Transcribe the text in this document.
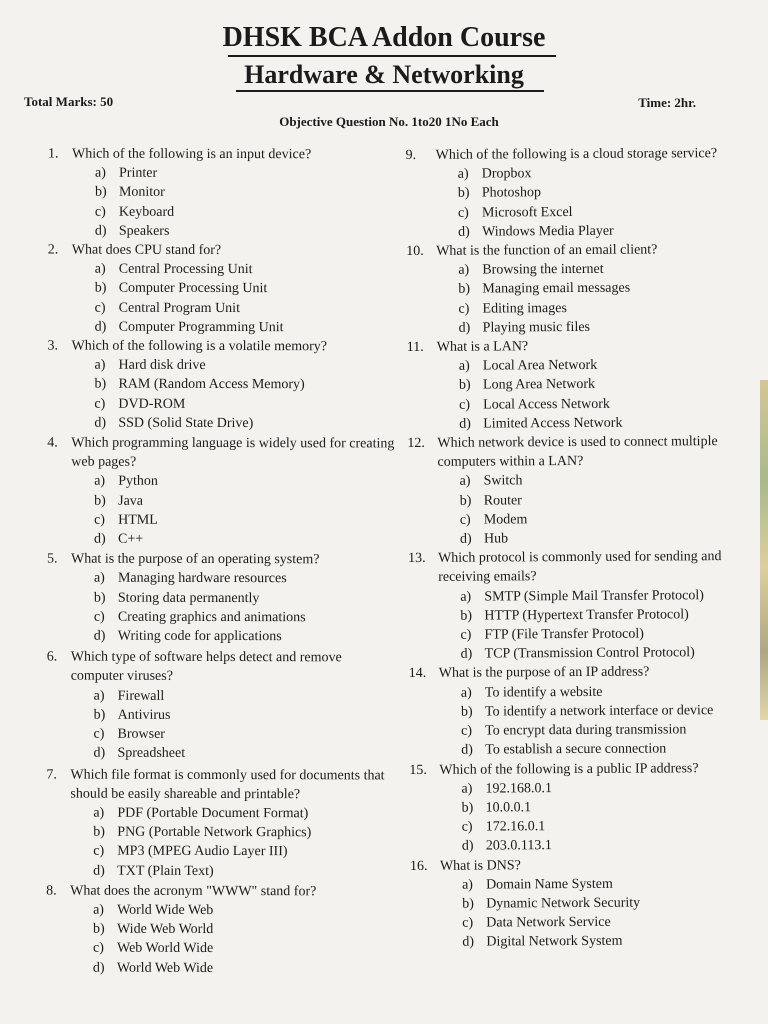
DHSK BCA Addon Course
Hardware & Networking
Total Marks: 50	Time: 2hr.
Objective Question No. 1to20 1No Each
1. Which of the following is an input device?
a) Printer
b) Monitor
c) Keyboard
d) Speakers
2. What does CPU stand for?
a) Central Processing Unit
b) Computer Processing Unit
c) Central Program Unit
d) Computer Programming Unit
3. Which of the following is a volatile memory?
a) Hard disk drive
b) RAM (Random Access Memory)
c) DVD-ROM
d) SSD (Solid State Drive)
4. Which programming language is widely used for creating web pages?
a) Python
b) Java
c) HTML
d) C++
5. What is the purpose of an operating system?
a) Managing hardware resources
b) Storing data permanently
c) Creating graphics and animations
d) Writing code for applications
6. Which type of software helps detect and remove computer viruses?
a) Firewall
b) Antivirus
c) Browser
d) Spreadsheet
7. Which file format is commonly used for documents that should be easily shareable and printable?
a) PDF (Portable Document Format)
b) PNG (Portable Network Graphics)
c) MP3 (MPEG Audio Layer III)
d) TXT (Plain Text)
8. What does the acronym "WWW" stand for?
a) World Wide Web
b) Wide Web World
c) Web World Wide
d) World Web Wide
9.	Which of the following is a cloud storage service?
a) Dropbox
b) Photoshop
c) Microsoft Excel
d) Windows Media Player
10. What is the function of an email client?
a) Browsing the internet
b) Managing email messages
c) Editing images
d) Playing music files
11. What is a LAN?
a) Local Area Network
b) Long Area Network
c) Local Access Network
d) Limited Access Network
12. Which network device is used to connect multiple computers within a LAN?
a) Switch
b) Router
c) Modem
d) Hub
13. Which protocol is commonly used for sending and receiving emails?
a) SMTP (Simple Mail Transfer Protocol)
b) HTTP (Hypertext Transfer Protocol)
c) FTP (File Transfer Protocol)
d) TCP (Transmission Control Protocol)
14. What is the purpose of an IP address?
a) To identify a website
b) To identify a network interface or device
c) To encrypt data during transmission
d) To establish a secure connection
15. Which of the following is a public IP address?
a) 192.168.0.1
b) 10.0.0.1
c) 172.16.0.1
d) 203.0.113.1
16. What is DNS?
a) Domain Name System
b) Dynamic Network Security
c) Data Network Service
d) Digital Network System
